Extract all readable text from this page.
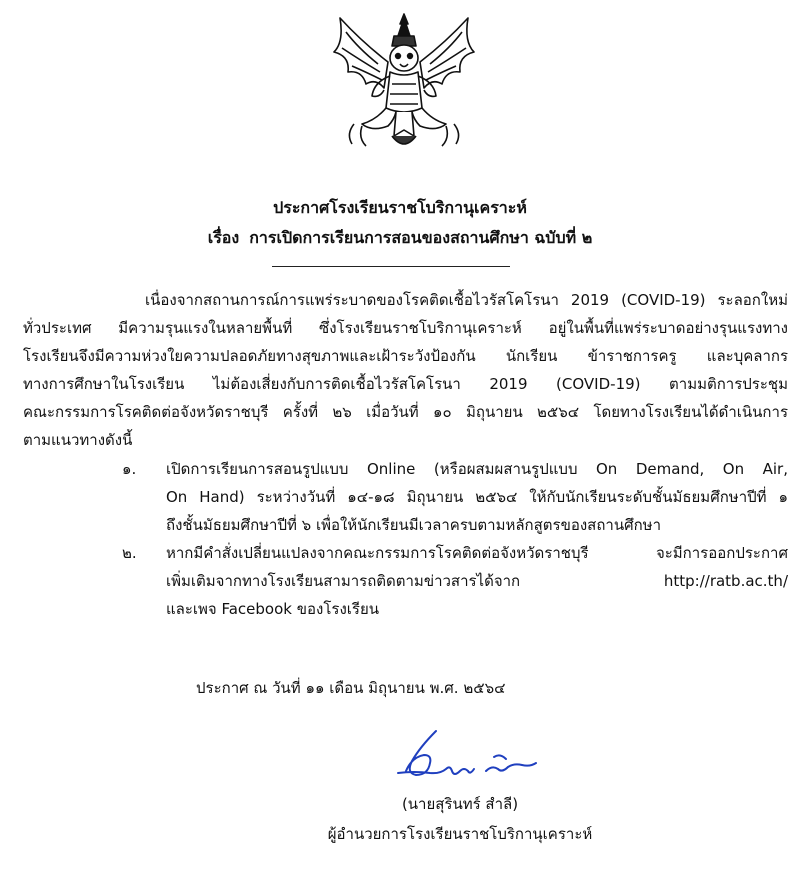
ประกาศโรงเรียนราชโบริกานุเคราะห์
เรื่อง การเปิดการเรียนการสอนของสถานศึกษา ฉบับที่ ๒
เนื่องจากสถานการณ์การแพร่ระบาดของโรคติดเชื้อไวรัสโคโรนา 2019 (COVID-19) ระลอกใหม่
ทั่วประเทศ มีความรุนแรงในหลายพื้นที่ ซึ่งโรงเรียนราชโบริกานุเคราะห์ อยู่ในพื้นที่แพร่ระบาดอย่างรุนแรงทาง
โรงเรียนจึงมีความห่วงใยความปลอดภัยทางสุขภาพและเฝ้าระวังป้องกัน นักเรียน ข้าราชการครู และบุคลากร
ทางการศึกษาในโรงเรียน ไม่ต้องเสี่ยงกับการติดเชื้อไวรัสโคโรนา 2019 (COVID-19) ตามมติการประชุม
คณะกรรมการโรคติดต่อจังหวัดราชบุรี ครั้งที่ ๒๖ เมื่อวันที่ ๑๐ มิถุนายน ๒๕๖๔ โดยทางโรงเรียนได้ดำเนินการ
ตามแนวทางดังนี้
๑. เปิดการเรียนการสอนรูปแบบ Online (หรือผสมผสานรูปแบบ On Demand, On Air,
On Hand) ระหว่างวันที่ ๑๔-๑๘ มิถุนายน ๒๕๖๔ ให้กับนักเรียนระดับชั้นมัธยมศึกษาปีที่ ๑
ถึงชั้นมัธยมศึกษาปีที่ ๖ เพื่อให้นักเรียนมีเวลาครบตามหลักสูตรของสถานศึกษา
๒. หากมีคำสั่งเปลี่ยนแปลงจากคณะกรรมการโรคติดต่อจังหวัดราชบุรี จะมีการออกประกาศ
เพิ่มเติมจากทางโรงเรียนสามารถติดตามข่าวสารได้จาก http://ratb.ac.th/
และเพจ Facebook ของโรงเรียน
ประกาศ ณ วันที่ ๑๑ เดือน มิถุนายน พ.ศ. ๒๕๖๔
(นายสุรินทร์ สำลี)
ผู้อำนวยการโรงเรียนราชโบริกานุเคราะห์
